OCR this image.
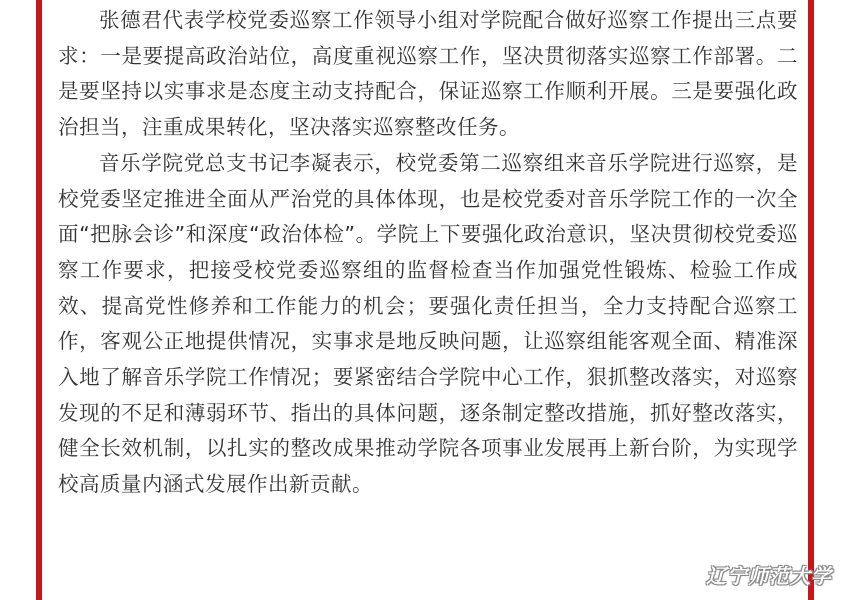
张德君代表学校党委巡察工作领导小组对学院配合做好巡察工作提出三点要求：一是要提高政治站位，高度重视巡察工作，坚决贯彻落实巡察工作部署。二是要坚持以实事求是态度主动支持配合，保证巡察工作顺利开展。三是要强化政治担当，注重成果转化，坚决落实巡察整改任务。

音乐学院党总支书记李凝表示，校党委第二巡察组来音乐学院进行巡察，是校党委坚定推进全面从严治党的具体体现，也是校党委对音乐学院工作的一次全面“把脉会诊”和深度“政治体检”。学院上下要强化政治意识，坚决贯彻校党委巡察工作要求，把接受校党委巡察组的监督检查当作加强党性锻炼、检验工作成效、提高党性修养和工作能力的机会；要强化责任担当，全力支持配合巡察工作，客观公正地提供情况，实事求是地反映问题，让巡察组能客观全面、精准深入地了解音乐学院工作情况；要紧密结合学院中心工作，狠抓整改落实，对巡察发现的不足和薄弱环节、指出的具体问题，逐条制定整改措施，抓好整改落实，健全长效机制，以扎实的整改成果推动学院各项事业发展再上新台阶，为实现学校高质量内涵式发展作出新贡献。

辽宁师范大学
